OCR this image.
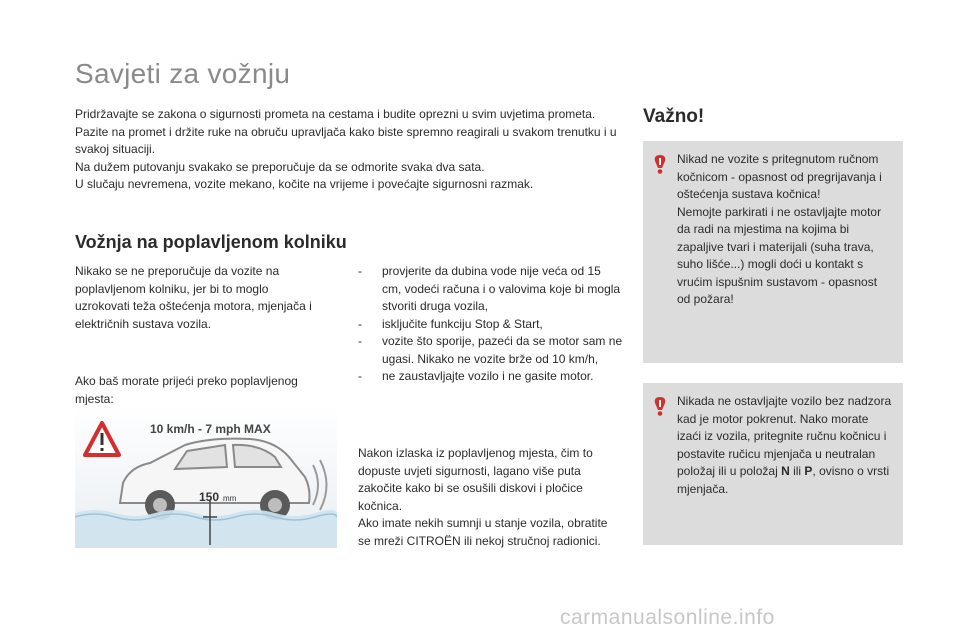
Savjeti za vožnju

Pridržavajte se zakona o sigurnosti prometa na cestama i budite oprezni u svim uvjetima prometa.

Pazite na promet i držite ruke na obruču upravljača kako biste spremno reagirali u svakom trenutku i u svakoj situaciji.

Na dužem putovanju svakako se preporučuje da se odmorite svaka dva sata.

U slučaju nevremena, vozite mekano, kočite na vrijeme i povećajte sigurnosni razmak.

Vožnja na poplavljenom kolniku

Nikako se ne preporučuje da vozite na poplavljenom kolniku, jer bi to moglo uzrokovati teža oštećenja motora, mjenjača i električnih sustava vozila.

Ako baš morate prijeći preko poplavljenog mjesta:

- provjerite da dubina vode nije veća od 15 cm, vodeći računa i o valovima koje bi mogla stvoriti druga vozila,
- isključite funkciju Stop & Start,
- vozite što sporije, pazeći da se motor sam ne ugasi. Nikako ne vozite brže od 10 km/h,
- ne zaustavljajte vozilo i ne gasite motor.

Nakon izlaska iz poplavljenog mjesta, čim to dopuste uvjeti sigurnosti, lagano više puta zakočite kako bi se osušili diskovi i pločice kočnica.

Ako imate nekih sumnji u stanje vozila, obratite se mreži CITROËN ili nekoj stručnoj radionici.

10 km/h - 7 mph MAX
150 mm
Važno!

Nikad ne vozite s pritegnutom ručnom kočnicom - opasnost od pregrijavanja i oštećenja sustava kočnica!

Nemojte parkirati i ne ostavljajte motor da radi na mjestima na kojima bi zapaljive tvari i materijali (suha trava, suho lišće...) mogli doći u kontakt s vrućim ispušnim sustavom - opasnost od požara!

Nikada ne ostavljajte vozilo bez nadzora kad je motor pokrenut. Nako morate izaći iz vozila, pritegnite ručnu kočnicu i postavite ručicu mjenjača u neutralan položaj ili u položaj N ili P, ovisno o vrsti mjenjača.

carmanualsonline.info
